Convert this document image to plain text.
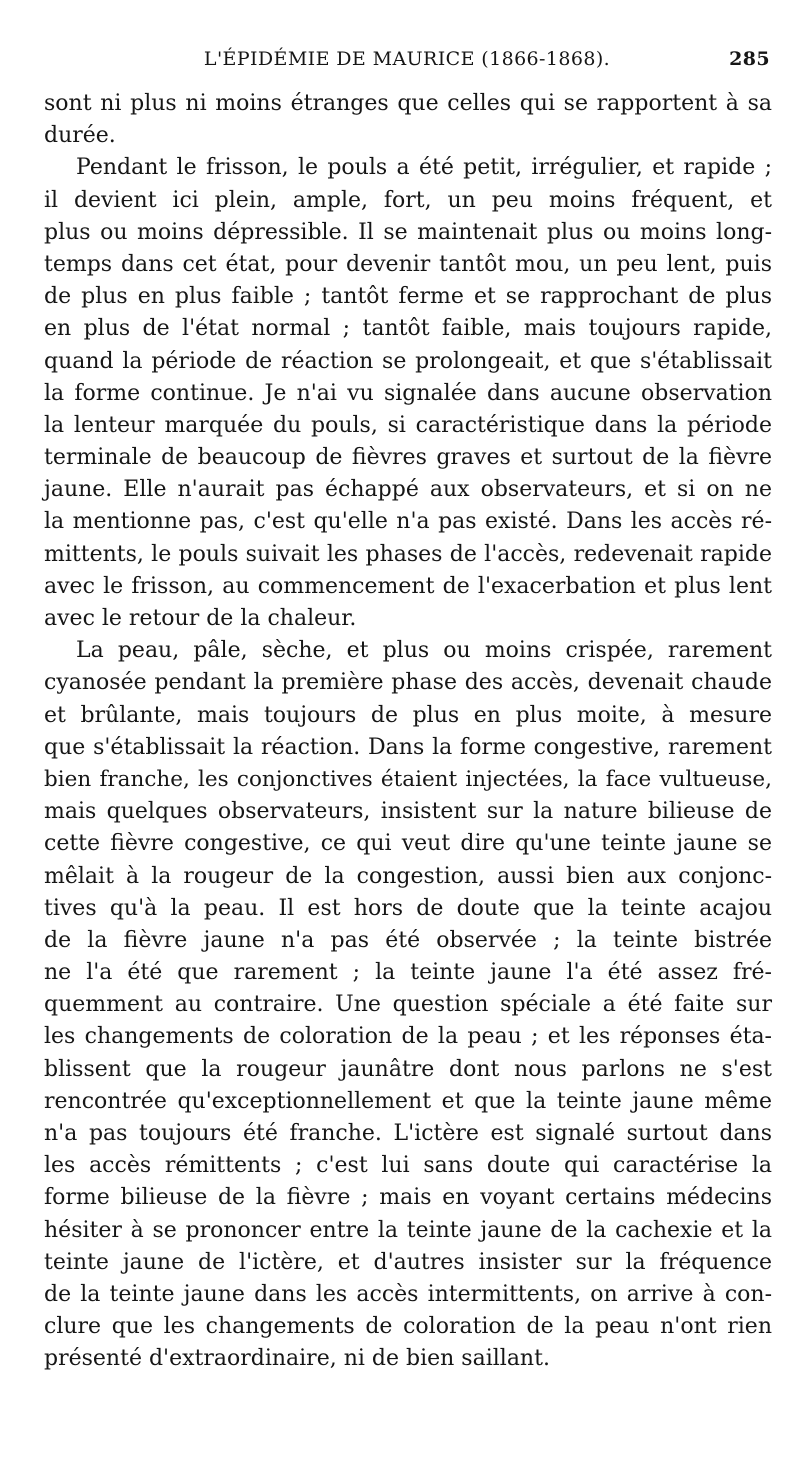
L'ÉPIDÉMIE DE MAURICE (1866-1868).	285
sont ni plus ni moins étranges que celles qui se rapportent à sa
durée.
Pendant le frisson, le pouls a été petit, irrégulier, et rapide ;
il devient ici plein, ample, fort, un peu moins fréquent, et
plus ou moins dépressible. Il se maintenait plus ou moins long-
temps dans cet état, pour devenir tantôt mou, un peu lent, puis
de plus en plus faible ; tantôt ferme et se rapprochant de plus
en plus de l'état normal ; tantôt faible, mais toujours rapide,
quand la période de réaction se prolongeait, et que s'établissait
la forme continue. Je n'ai vu signalée dans aucune observation
la lenteur marquée du pouls, si caractéristique dans la période
terminale de beaucoup de fièvres graves et surtout de la fièvre
jaune. Elle n'aurait pas échappé aux observateurs, et si on ne
la mentionne pas, c'est qu'elle n'a pas existé. Dans les accès ré-
mittents, le pouls suivait les phases de l'accès, redevenait rapide
avec le frisson, au commencement de l'exacerbation et plus lent
avec le retour de la chaleur.
La peau, pâle, sèche, et plus ou moins crispée, rarement
cyanosée pendant la première phase des accès, devenait chaude
et brûlante, mais toujours de plus en plus moite, à mesure
que s'établissait la réaction. Dans la forme congestive, rarement
bien franche, les conjonctives étaient injectées, la face vultueuse,
mais quelques observateurs, insistent sur la nature bilieuse de
cette fièvre congestive, ce qui veut dire qu'une teinte jaune se
mêlait à la rougeur de la congestion, aussi bien aux conjonc-
tives qu'à la peau. Il est hors de doute que la teinte acajou
de la fièvre jaune n'a pas été observée ; la teinte bistrée
ne l'a été que rarement ; la teinte jaune l'a été assez fré-
quemment au contraire. Une question spéciale a été faite sur
les changements de coloration de la peau ; et les réponses éta-
blissent que la rougeur jaunâtre dont nous parlons ne s'est
rencontrée qu'exceptionnellement et que la teinte jaune même
n'a pas toujours été franche. L'ictère est signalé surtout dans
les accès rémittents ; c'est lui sans doute qui caractérise la
forme bilieuse de la fièvre ; mais en voyant certains médecins
hésiter à se prononcer entre la teinte jaune de la cachexie et la
teinte jaune de l'ictère, et d'autres insister sur la fréquence
de la teinte jaune dans les accès intermittents, on arrive à con-
clure que les changements de coloration de la peau n'ont rien
présenté d'extraordinaire, ni de bien saillant.
